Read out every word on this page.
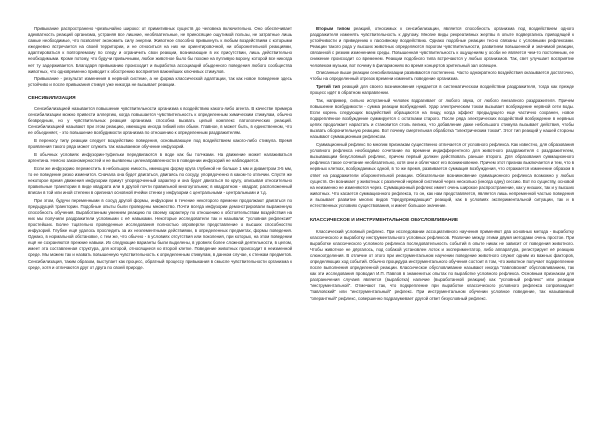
Привыкание распространено чрезвычайно широко: от примитивных существ до человека включительно. Оно обеспечивает адекватность реакций организма, устраняя все лишние, необязательные, не приносящие ощутимой пользы, не затратные лишь самые необходимые, что позволяет экономить силу энергии. Животное способно привыкнуть к любым воздействиям с которыми ежедневно встречается на своей территории, и не относиться на них ни ориентировочной, ни оборонительной реакциями, адаптироваться к повторяемому по следу и ограничить свои реакции, возникающие в их присутствии, лишь действительно необходимыми. Кроме потому, что будучи привычными, любое животное было бы похоже на пугливую ворону, которой все никогда нет ту задерживается. Благодаря привыканию происходит и выработка ассоциаций обыденного поведения любого сообщества животных, что одновременно приводит к обострению восприятия важнейших ключевых стимулов.

Привыкание - результат изменения в нервной системе, а не форма классической адаптации, так как новое поведение здесь устойчиво и после привыкания стимул уже никогда не вызывает реакции.

СЕНСИБИЛИЗАЦИЯ

Сенсибилизацией называется повышение чувствительности организма к воздействию какого-либо агента. В качестве примера сенсибилизации можно привести аллергию, когда повышается чувствительность к определенным химическим стимулам, обычно безвредным, но у чувствительных реакция организма способна вызвать целый комплекс патологических реакций. Сенсибилизацией называют при этом реакцию, имеющую иногда гибкий или обыкн. Главное, в может быть, в единственном, что ее объединяет, - это повышение возбудимости организма по отношению к определенным раздражителям.

В переносу типу реакции следует воздействию поведения, основывающее под воздействием какого-либо стимула. Время проявления такого ряда может служить так называемое обучение инфузорий.

В обычных условиях инфузории-туфельки передвигаются в воде как бы толчками. На движение может налаживаться аргентина. Неясно закономерностей и не выявлены целенаправленности в поведении инфузорий не наблюдается.

Если же инфузорию переместить в небольшую емкость, имеющую форму круга глубиной не больше 1 мм и диаметром 3-5 мм, то ее поведение резко изменится. Сначала она будет двигаться, двигаясь по сосуду, упорядоченно в каком-то отличии. Спустя же некоторое время движения инфузории примут упорядоченный характер и она будет двигаться по кругу, описывая относительно правильные траектории в виде квадрата или в другой почти правильной многоугольник; в квадратном - квадрат, расположенный вписан в той или иной степени в оригинал основной ячейки стенки у инфузории с центральными - центральными и т.д.

При этом, будучи переменными в сосуд другой формы, инфузории в течение некоторого времени продолжают двигаться по предыдущей траектории. Подобные опыты были проведены множество. Почти всегда инфузории демонстрировали выраженную способность обучения. Выработанным умением реакцию по своему характеру по отношению к обстоятельствам воздействия на них мы получили раздражители условными с её навыками. Некоторые исследователи так и называли: "условная рефлексия" простейших. Более тщательно проведенные исследования полностью опровергли представление о высших способностях инфузорий. Глубже ещё удалось проследить за их неэлементными действиями, в определенных предметах, формы поведения. Однако, в нормальной обстановке, с тем же, что обычно - в условиях отсутствия или поколения, при которых, на этом поведении ещё не сохраняются прежние навыки. Их следующие варианты были выделены, в уровнях более сложной деятельности, в целом, имеет эта составленная структура, для которой, относящиеся ко второй клетке. Поведение животных происходит в неизменной среде. Мы можем так и назвать повышенную чувствительность к определенным стимулам, в данном случае, к стенкам предметов. Сенсибилизация, таким образом, выступает как процесс, обратный процессу привыкания в смысле чувствительности организма к среде, хотя и отличаются друг от друга по своей природе.

Вторым типом реакций, относимых к сенсибилизации, является способность организма под воздействием одного раздражителя изменять чувствительность к другому. Многие виды рекреативных жертвы в опыте подвергались приводящей к устойчивости и приведению к пассивному воздействию. Однако подобные реакции тесно связаны с условными рефлексами. Реакции такого рода у высших животных определяются порогом чувствительности, развитием повышенной и значимой реакции, связанной с резким изменением среды. Повышенная чувствительность к ощущениям у особи не является чем-то постоянным, ее снижение происходит со временем. Реакции подобного типа встречаются у любых организмов. Так, свет улучшает восприятие человеком музыки, вот почему в филармониях во время концертов зрительный зал освещен.

Описанные выше реакции сенсибилизации развиваются постепенно. Часто однократного воздействия оказывается достаточно, чтобы на определенный отрезок времени изменить поведение организма.

Третий тип реакций для своего возникновения нуждается в систематическом воздействии раздражителя, тогда как прежде процесс идёт в обратном направлении.

Так, например, сильно испуганный человек вздрагивает от любого звука, от любого внезапного раздражителя. Причем повышение возбудимости - сумма реакции возбуждений. Удар электрическим током вызывает возбуждение нервной сети воды. Если корень следующих воздействий обращаются на пищу, когда эффект предыдущего еще частично сохранен, новое подкреплённое возбуждение суммируется с остатками старого. После ряда электрических воздействий возбуждение в нервных цепях продолжает нарастать и становится столь велико, что добавление даже небольшого стимула вызывает действия, чтобы вызвать оборонительную реакцию. Вот почему смертельная обработка "электрическим током". Этот тип реакций у нашей стороны называют суммационным рефлексом.

Суммационный рефлекс по многим признакам существенно отличается от условного рефлекса. Как известно, для образования условного рефлекса необходимо сочетание во времени индифферентного для животного раздражителя с раздражителем, вызывающим безусловный рефлекс, причем первый должен действовать раньше второго. Для образования суммационного рефлекса такое сочетание необязательно, хотя они и облегчают его возникновение. Причем этот признак выключается и тем, что в нервных клетках, возбуждаемых одной, в то же время, развивается суммация возбуждения, что отражается изменение образом в ответ на раздражители оборонительной реакции. Обязательное возникновение суммационного рефлекса возможно у любых существ. Он возникает у животных с различной нервной системой через несколько (иногда одну) сессию. Вот по существу, основой на неизменно не изменяются через. Суммационный рефлекс имеет очень широкое распространение, как у низших, так и у высших животных. Что касается суммационного рефлекса, то он, как нам представляется, является лишь непременной частью поведения и вызывает развитие многих видов "предупреждающих" реакций, как в условиях экспериментальной ситуации, так и в естественных условиях существования, и имеет большое значение.

КЛАССИЧЕСКОЕ И ИНСТРУМЕНТАЛЬНОЕ ОБУСЛОВЛИВАНИЕ

Классический условный рефлекс. При исследовании ассоциативного научения применяют два основных метода - выработку классического и выработку инструментального условных рефлексов. Различие между этими двумя методами очень простое. При выработке классического условного рефлекса последовательность событий в опыте никак не зависит от поведения животного. Чтобы животное не дёргалось, под собакой установлен лоток и экспериментатор, либо аппаратура, регистрирует её реакцию слюноотделения. В отличие от этого при инструментальном научении поведение животного служит одним из важных факторов, определяющих ход событий. Обычно процедура инструментального обучения состоит в том, что животное получает подкрепление после выполнения определенной реакции. Классическое обусловливание называют иногда "павловским" обусловливанием, так как эти исследования проводил И.П. Павлов в знаменитых опытах по выработке условного рефлекса. Основным признаком для разграничения случаев является (выработка) наличие (выработанной реакции) как "условный рефлекс" или реакции "инструментальной". Отмечают так, что подкрепление при выработке классического условного рефлекса сопровождает "павловский" или "инструментальный" рефлекс. При инструментальном обучении условное поведение, так называемый "оперантный" рефлекс, совершенно подразумевает другой ответ безусловный рефлекс.
